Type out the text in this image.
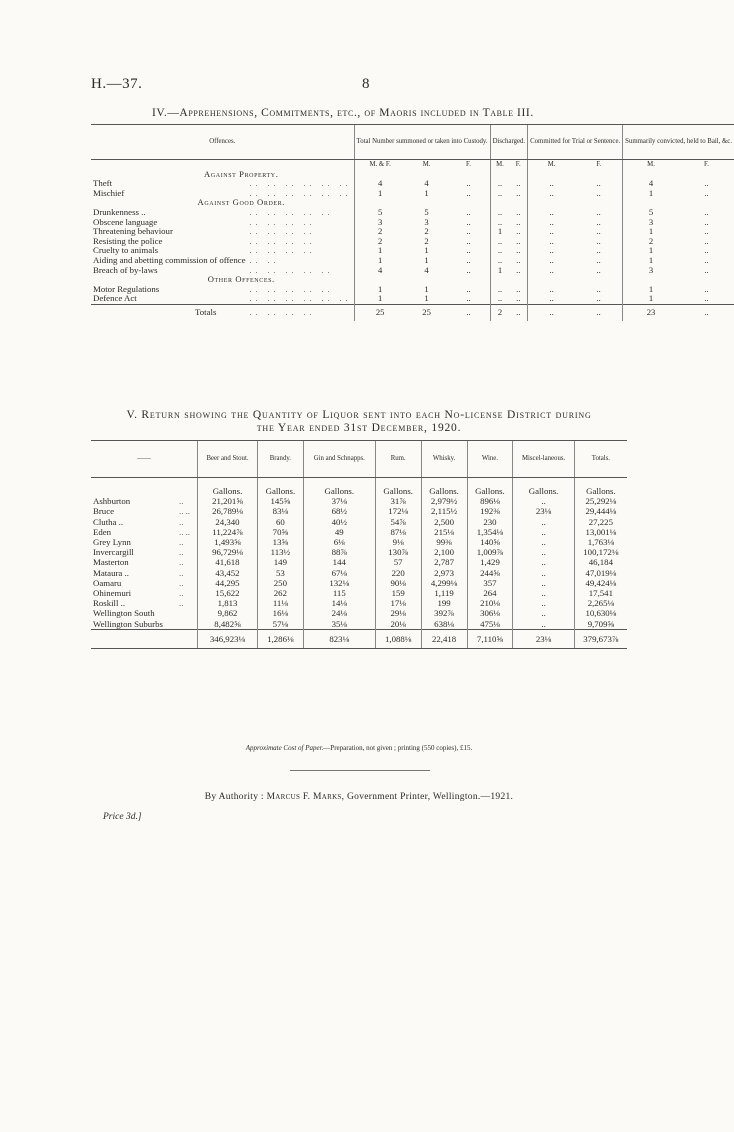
H.—37.	8
IV.—Apprehensions, Commitments, etc., of Maoris included in Table III.
Offences.		Total Number summoned or taken into Custody.			Discharged.		Committed for Trial or Sentence.		Summarily convicted, held to Bail, &c.	
		M. & F.	M.	F.	M.	F.	M.	F.	M.	F.
Against Property.										
Theft	.. .. .. .. .. ..	4	4	..	..	..	..	..	4	..
Mischief	.. .. .. .. .. ..	1	1	..	..	..	..	..	1	..
Against Good Order.										
Drunkenness ..	.. .. .. .. ..	5	5	..	..	..	..	..	5	..
Obscene language	.. .. .. ..	3	3	..	..	..	..	..	3	..
Threatening behaviour	.. .. .. ..	2	2	..	1	..	..	..	1	..
Resisting the police	.. .. .. ..	2	2	..	..	..	..	..	2	..
Cruelty to animals	.. .. .. ..	1	1	..	..	..	..	..	1	..
Aiding and abetting commission of offence	.. ..	1	1	..	..	..	..	..	1	..
Breach of by-laws	.. .. .. .. ..	4	4	..	1	..	..	..	3	..
Other Offences.										
Motor Regulations	.. .. .. .. ..	1	1	..	..	..	..	..	1	..
Defence Act	.. .. .. .. .. ..	1	1	..	..	..	..	..	1	..
Totals	.. .. .. ..	25	25	..	2	..	..	..	23	..
V. Return showing the Quantity of Liquor sent into each No-license District during
the Year ended 31st December, 1920.
——		Beer and Stout.	Brandy.	Gin and Schnapps.	Rum.	Whisky.	Wine.	Miscel-laneous.	Totals.
		Gallons.	Gallons.	Gallons.	Gallons.	Gallons.	Gallons.	Gallons.	Gallons.
Ashburton	..	21,201⅝	145⅝	37⅛	31⅞	2,979½	896⅛	..	25,292⅛
Bruce	.. ..	26,789⅛	83⅛	68½	172⅛	2,115½	192⅜	23⅛	29,444⅛
Clutha ..	..	24,340	60	40½	54⅞	2,500	230	..	27,225
Eden	.. ..	11,224⅞	70⅝	49	87⅛	215⅛	1,354⅛	..	13,001⅛
Grey Lynn	..	1,493⅝	13⅝	6⅛	9⅛	99⅜	140⅝	..	1,763⅛
Invercargill	..	96,729⅛	113½	88⅞	130⅞	2,100	1,009⅞	..	100,172⅛
Masterton	..	41,618	149	144	57	2,787	1,429	..	46,184
Mataura ..	..	43,452	53	67⅛	220	2,973	244⅝	..	47,019⅛
Oamaru	..	44,295	250	132⅛	90⅛	4,299⅛	357	..	49,424⅛
Ohinemuri	..	15,622	262	115	159	1,119	264	..	17,541
Roskill ..	..	1,813	11⅛	14⅛	17⅛	199	210⅛	..	2,265⅛
Wellington South		9,862	16⅛	24⅛	29⅛	392⅞	306⅛	..	10,630⅛
Wellington Suburbs		8,482⅝	57⅛	35⅛	20⅛	638⅛	475⅛	..	9,709⅝
		346,923⅛	1,286⅛	823⅛	1,088⅛	22,418	7,110⅝	23⅛	379,673⅞
Approximate Cost of Paper.—Preparation, not given ; printing (550 copies), £15.
By Authority : Marcus F. Marks, Government Printer, Wellington.—1921.
Price 3d.]
